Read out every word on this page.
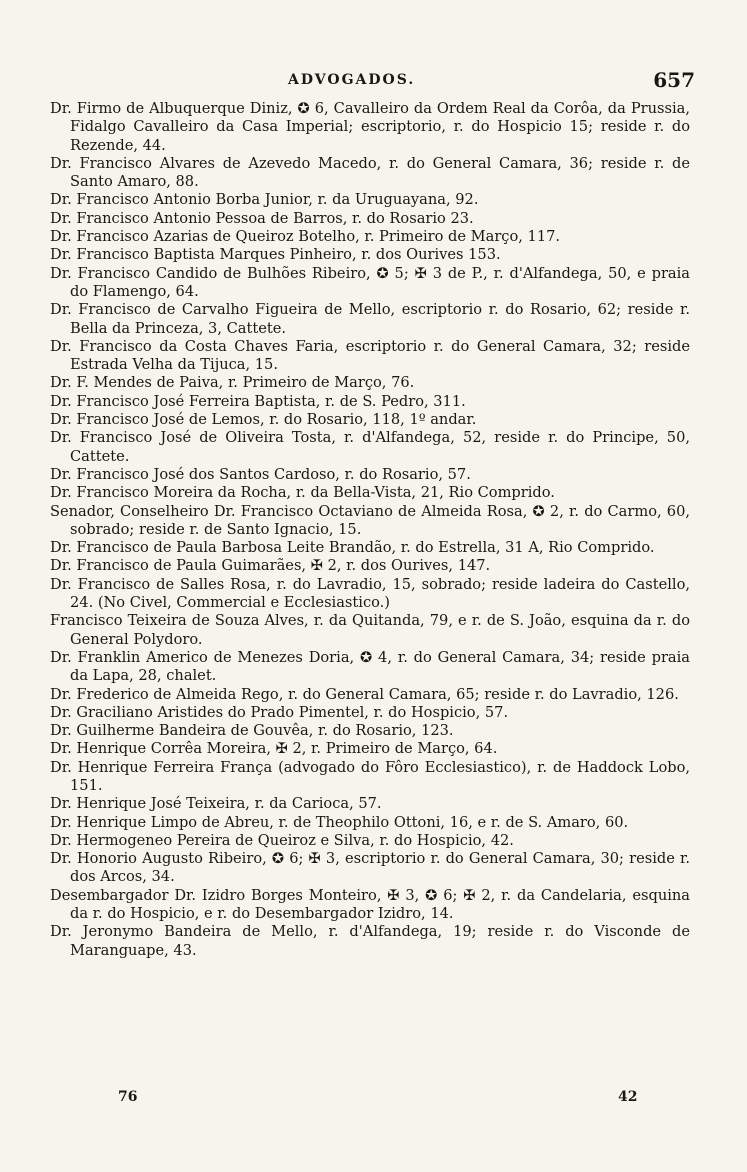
ADVOGADOS.	657

Dr. Firmo de Albuquerque Diniz, ✪ 6, Cavalleiro da Ordem Real da Corôa, da Prussia, Fidalgo Cavalleiro da Casa Imperial; escriptorio, r. do Hospicio 15; reside r. do Rezende, 44.

Dr. Francisco Alvares de Azevedo Macedo, r. do General Camara, 36; reside r. de Santo Amaro, 88.

Dr. Francisco Antonio Borba Junior, r. da Uruguayana, 92.

Dr. Francisco Antonio Pessoa de Barros, r. do Rosario 23.

Dr. Francisco Azarias de Queiroz Botelho, r. Primeiro de Março, 117.

Dr. Francisco Baptista Marques Pinheiro, r. dos Ourives 153.

Dr. Francisco Candido de Bulhões Ribeiro, ✪ 5; ✠ 3 de P., r. d'Alfandega, 50, e praia do Flamengo, 64.

Dr. Francisco de Carvalho Figueira de Mello, escriptorio r. do Rosario, 62; reside r. Bella da Princeza, 3, Cattete.

Dr. Francisco da Costa Chaves Faria, escriptorio r. do General Camara, 32; reside Estrada Velha da Tijuca, 15.

Dr. F. Mendes de Paiva, r. Primeiro de Março, 76.

Dr. Francisco José Ferreira Baptista, r. de S. Pedro, 311.

Dr. Francisco José de Lemos, r. do Rosario, 118, 1º andar.

Dr. Francisco José de Oliveira Tosta, r. d'Alfandega, 52, reside r. do Principe, 50, Cattete.

Dr. Francisco José dos Santos Cardoso, r. do Rosario, 57.

Dr. Francisco Moreira da Rocha, r. da Bella-Vista, 21, Rio Comprido.

Senador, Conselheiro Dr. Francisco Octaviano de Almeida Rosa, ✪ 2, r. do Carmo, 60, sobrado; reside r. de Santo Ignacio, 15.

Dr. Francisco de Paula Barbosa Leite Brandão, r. do Estrella, 31 A, Rio Comprido.

Dr. Francisco de Paula Guimarães, ✠ 2, r. dos Ourives, 147.

Dr. Francisco de Salles Rosa, r. do Lavradio, 15, sobrado; reside ladeira do Castello, 24. (No Civel, Commercial e Ecclesiastico.)

Francisco Teixeira de Souza Alves, r. da Quitanda, 79, e r. de S. João, esquina da r. do General Polydoro.

Dr. Franklin Americo de Menezes Doria, ✪ 4, r. do General Camara, 34; reside praia da Lapa, 28, chalet.

Dr. Frederico de Almeida Rego, r. do General Camara, 65; reside r. do Lavradio, 126.

Dr. Graciliano Aristides do Prado Pimentel, r. do Hospicio, 57.

Dr. Guilherme Bandeira de Gouvêa, r. do Rosario, 123.

Dr. Henrique Corrêa Moreira, ✠ 2, r. Primeiro de Março, 64.

Dr. Henrique Ferreira França (advogado do Fôro Ecclesiastico), r. de Haddock Lobo, 151.

Dr. Henrique José Teixeira, r. da Carioca, 57.

Dr. Henrique Limpo de Abreu, r. de Theophilo Ottoni, 16, e r. de S. Amaro, 60.

Dr. Hermogeneo Pereira de Queiroz e Silva, r. do Hospicio, 42.

Dr. Honorio Augusto Ribeiro, ✪ 6; ✠ 3, escriptorio r. do General Camara, 30; reside r. dos Arcos, 34.

Desembargador Dr. Izidro Borges Monteiro, ✠ 3, ✪ 6; ✠ 2, r. da Candelaria, esquina da r. do Hospicio, e r. do Desembargador Izidro, 14.

Dr. Jeronymo Bandeira de Mello, r. d'Alfandega, 19; reside r. do Visconde de Maranguape, 43.

76	42
